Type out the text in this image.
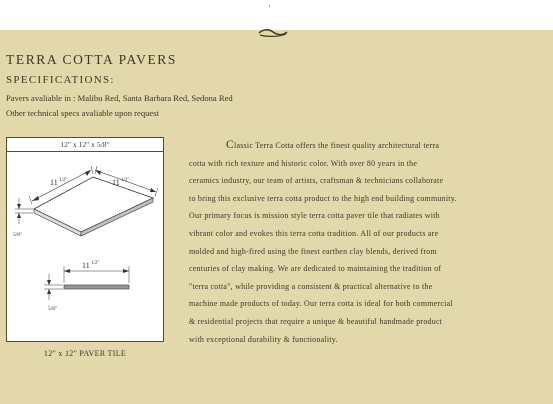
·
TERRA COTTA PAVERS
SPECIFICATIONS:
Pavers avaliable in : Malibu Red, Santa Barbara Red, Sedona Red
Other technical specs avaliable upon request
12" x 12" x 5/8"
11 1/2"	11 1/2"
5/8"
11 1/2"
5/8"
12" x 12" PAVER TILE
Classic Terra Cotta offers the finest quality architectural terra
cotta with rich texture and historic color. With over 80 years in the
ceramics industry, our team of artists, craftsman & technicians collaborate
to bring this exclusive terra cotta product to the high end building community.
Our primary focus is mission style terra cotta paver tile that radiates with
vibrant color and evokes this terra cotta tradition. All of our products are
molded and high-fired using the finest earthen clay blends, derived from
centuries of clay making. We are dedicated to maintaining the tradition of
"terra cotta", while providing a consistent & practical alternative to the
machine made products of today. Our terra cotta is ideal for both commercial
& residential projects that require a unique & beautiful handmade product
with exceptional durability & functionality.
